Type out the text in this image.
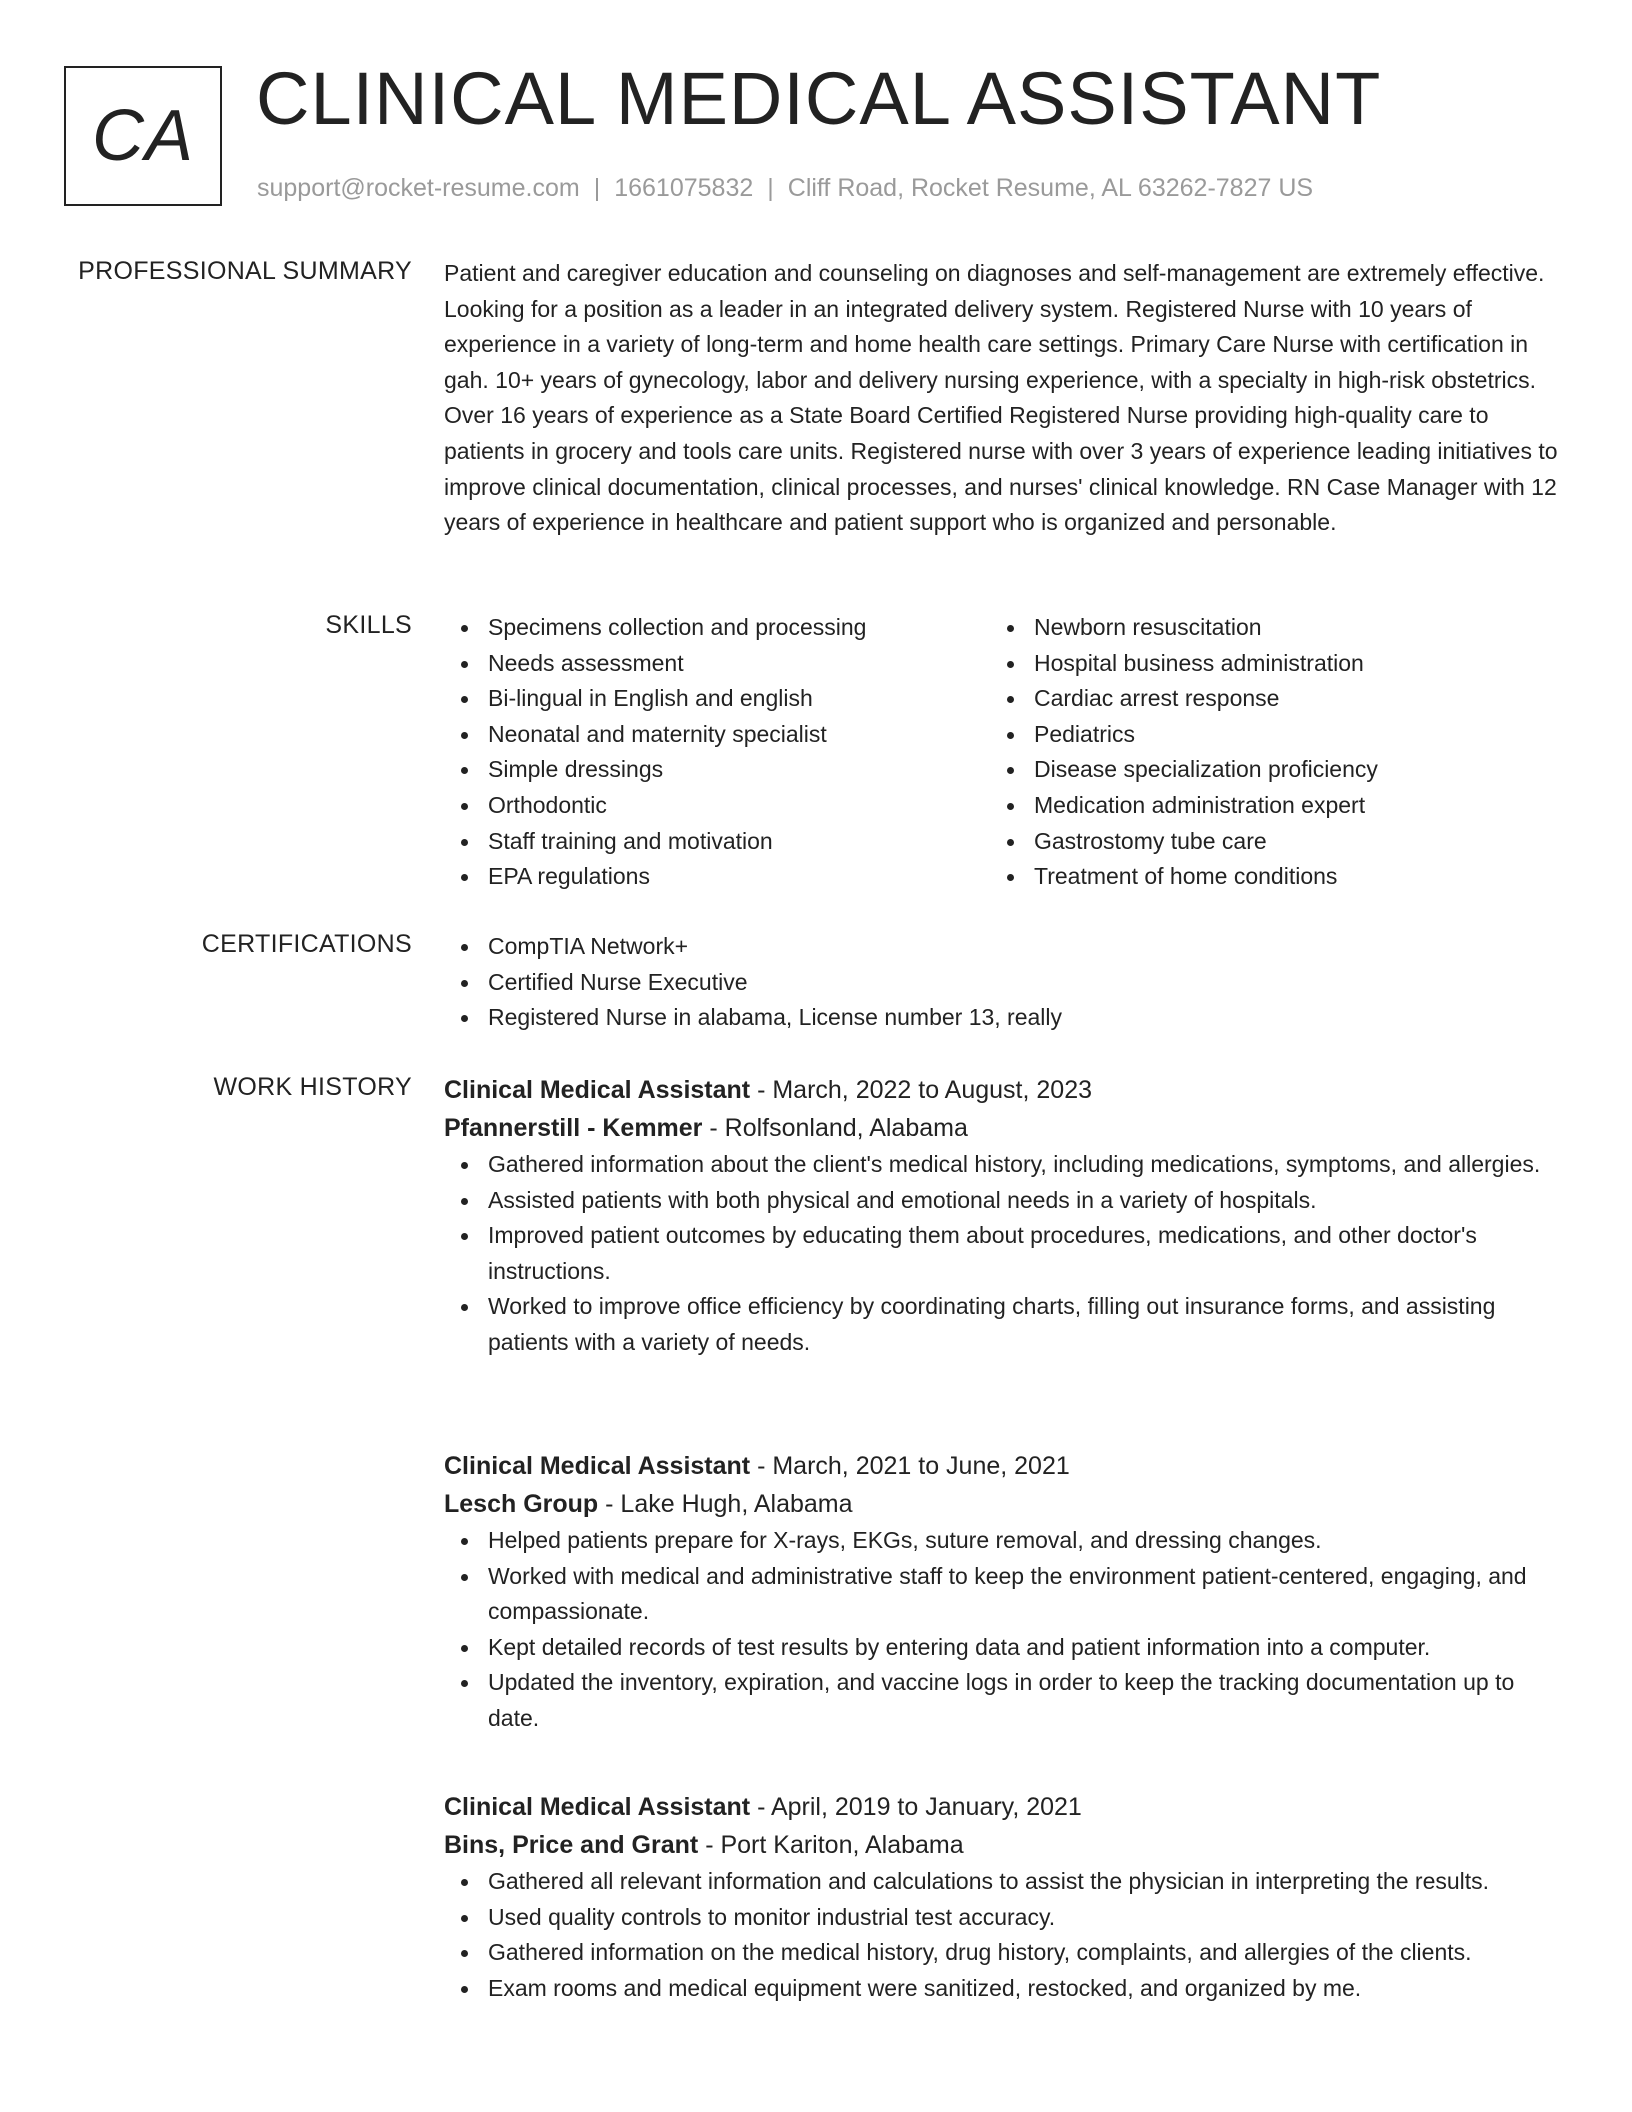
CA CLINICAL MEDICAL ASSISTANT
support@rocket-resume.com | 1661075832 | Cliff Road, Rocket Resume, AL 63262-7827 US
PROFESSIONAL SUMMARY Patient and caregiver education and counseling on diagnoses and self-management are extremely effective. Looking for a position as a leader in an integrated delivery system. Registered Nurse with 10 years of experience in a variety of long-term and home health care settings. Primary Care Nurse with certification in gah. 10+ years of gynecology, labor and delivery nursing experience, with a specialty in high-risk obstetrics. Over 16 years of experience as a State Board Certified Registered Nurse providing high-quality care to patients in grocery and tools care units. Registered nurse with over 3 years of experience leading initiatives to improve clinical documentation, clinical processes, and nurses' clinical knowledge. RN Case Manager with 12 years of experience in healthcare and patient support who is organized and personable.
SKILLS	Specimens collection and processing
Needs assessment
Bi-lingual in English and english
Neonatal and maternity specialist
Simple dressings
Orthodontic
Staff training and motivation
EPA regulations
Newborn resuscitation
Hospital business administration
Cardiac arrest response
Pediatrics
Disease specialization proficiency
Medication administration expert
Gastrostomy tube care
Treatment of home conditions
CERTIFICATIONS	CompTIA Network+
Certified Nurse Executive
Registered Nurse in alabama, License number 13, really
WORK HISTORY Clinical Medical Assistant - March, 2022 to August, 2023
Pfannerstill - Kemmer - Rolfsonland, Alabama
Gathered information about the client's medical history, including medications, symptoms, and allergies.
Assisted patients with both physical and emotional needs in a variety of hospitals.
Improved patient outcomes by educating them about procedures, medications, and other doctor's instructions.
Worked to improve office efficiency by coordinating charts, filling out insurance forms, and assisting patients with a variety of needs.
Clinical Medical Assistant - March, 2021 to June, 2021
Lesch Group - Lake Hugh, Alabama
Helped patients prepare for X-rays, EKGs, suture removal, and dressing changes.
Worked with medical and administrative staff to keep the environment patient-centered, engaging, and compassionate.
Kept detailed records of test results by entering data and patient information into a computer.
Updated the inventory, expiration, and vaccine logs in order to keep the tracking documentation up to date.
Clinical Medical Assistant - April, 2019 to January, 2021
Bins, Price and Grant - Port Kariton, Alabama
Gathered all relevant information and calculations to assist the physician in interpreting the results.
Used quality controls to monitor industrial test accuracy.
Gathered information on the medical history, drug history, complaints, and allergies of the clients.
Exam rooms and medical equipment were sanitized, restocked, and organized by me.
